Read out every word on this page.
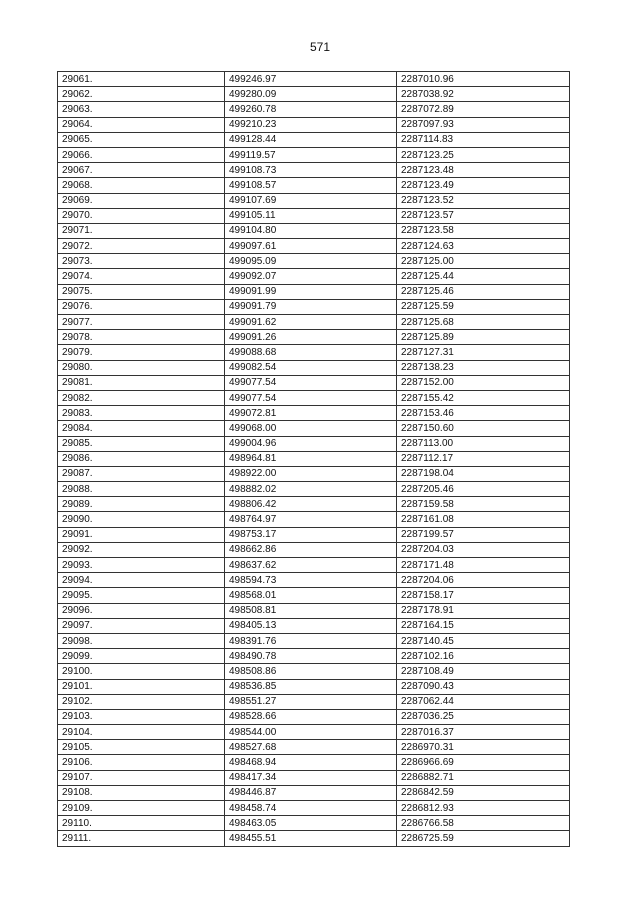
571
29061.	499246.97	2287010.96
29062.	499280.09	2287038.92
29063.	499260.78	2287072.89
29064.	499210.23	2287097.93
29065.	499128.44	2287114.83
29066.	499119.57	2287123.25
29067.	499108.73	2287123.48
29068.	499108.57	2287123.49
29069.	499107.69	2287123.52
29070.	499105.11	2287123.57
29071.	499104.80	2287123.58
29072.	499097.61	2287124.63
29073.	499095.09	2287125.00
29074.	499092.07	2287125.44
29075.	499091.99	2287125.46
29076.	499091.79	2287125.59
29077.	499091.62	2287125.68
29078.	499091.26	2287125.89
29079.	499088.68	2287127.31
29080.	499082.54	2287138.23
29081.	499077.54	2287152.00
29082.	499077.54	2287155.42
29083.	499072.81	2287153.46
29084.	499068.00	2287150.60
29085.	499004.96	2287113.00
29086.	498964.81	2287112.17
29087.	498922.00	2287198.04
29088.	498882.02	2287205.46
29089.	498806.42	2287159.58
29090.	498764.97	2287161.08
29091.	498753.17	2287199.57
29092.	498662.86	2287204.03
29093.	498637.62	2287171.48
29094.	498594.73	2287204.06
29095.	498568.01	2287158.17
29096.	498508.81	2287178.91
29097.	498405.13	2287164.15
29098.	498391.76	2287140.45
29099.	498490.78	2287102.16
29100.	498508.86	2287108.49
29101.	498536.85	2287090.43
29102.	498551.27	2287062.44
29103.	498528.66	2287036.25
29104.	498544.00	2287016.37
29105.	498527.68	2286970.31
29106.	498468.94	2286966.69
29107.	498417.34	2286882.71
29108.	498446.87	2286842.59
29109.	498458.74	2286812.93
29110.	498463.05	2286766.58
29111.	498455.51	2286725.59
